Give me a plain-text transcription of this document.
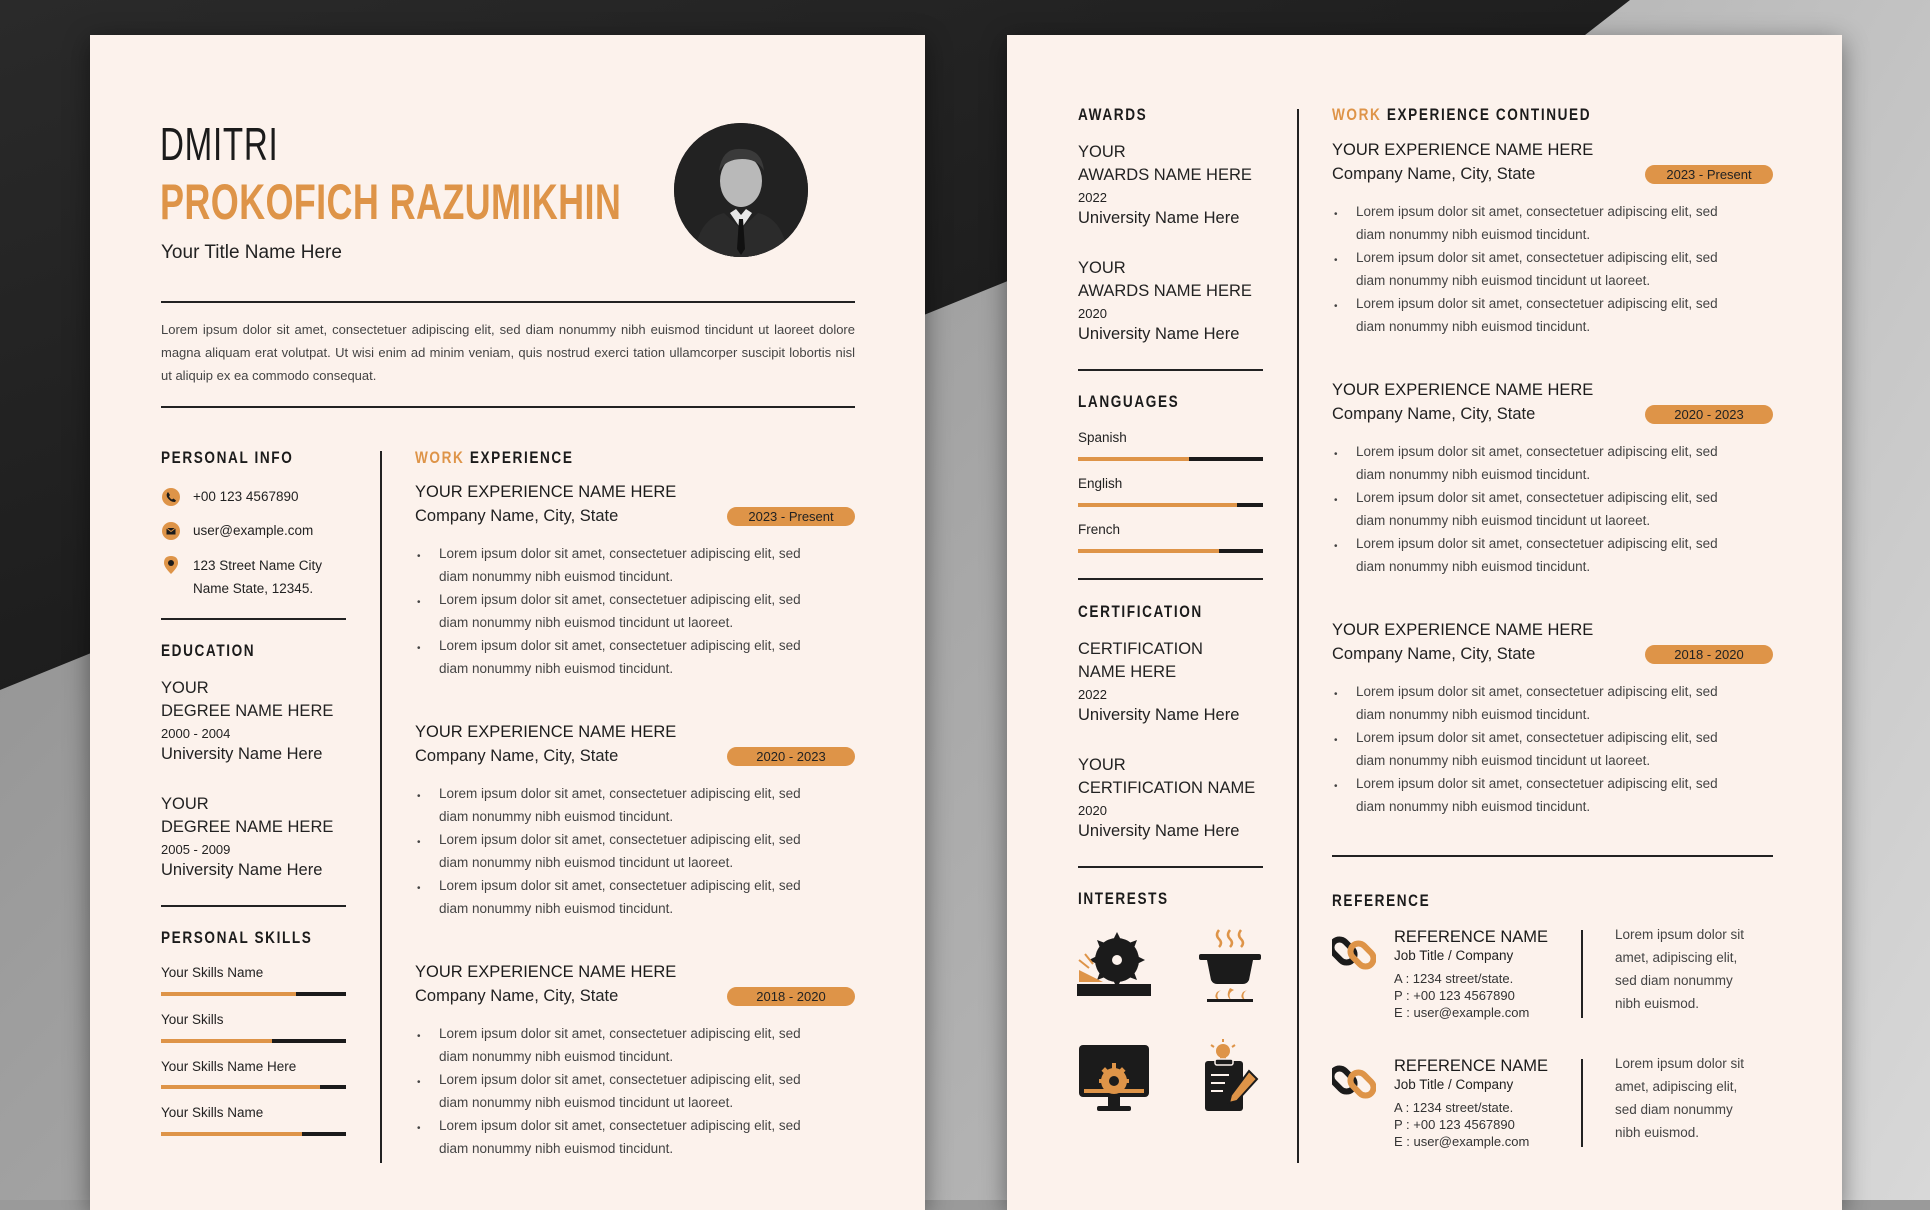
DMITRI
PROKOFICH RAZUMIKHIN
Your Title Name Here
Lorem ipsum dolor sit amet, consectetuer adipiscing elit, sed diam nonummy nibh euismod tincidunt ut laoreet dolore magna aliquam erat volutpat. Ut wisi enim ad minim veniam, quis nostrud exerci tation ullamcorper suscipit lobortis nisl ut aliquip ex ea commodo consequat.
PERSONAL INFO
+00 123 4567890
user@example.com
123 Street Name City
Name State, 12345.
EDUCATION
YOUR
DEGREE NAME HERE
2000 - 2004
University Name Here
YOUR
DEGREE NAME HERE
2005 - 2009
University Name Here
PERSONAL SKILLS
Your Skills Name
Your Skills
Your Skills Name Here
Your Skills Name
WORK EXPERIENCE
YOUR EXPERIENCE NAME HERE
Company Name, City, State	2023 - Present
• Lorem ipsum dolor sit amet, consectetuer adipiscing elit, sed
diam nonummy nibh euismod tincidunt.
• Lorem ipsum dolor sit amet, consectetuer adipiscing elit, sed
diam nonummy nibh euismod tincidunt ut laoreet.
• Lorem ipsum dolor sit amet, consectetuer adipiscing elit, sed
diam nonummy nibh euismod tincidunt.
YOUR EXPERIENCE NAME HERE
Company Name, City, State	2020 - 2023
• Lorem ipsum dolor sit amet, consectetuer adipiscing elit, sed
diam nonummy nibh euismod tincidunt.
• Lorem ipsum dolor sit amet, consectetuer adipiscing elit, sed
diam nonummy nibh euismod tincidunt ut laoreet.
• Lorem ipsum dolor sit amet, consectetuer adipiscing elit, sed
diam nonummy nibh euismod tincidunt.
YOUR EXPERIENCE NAME HERE
Company Name, City, State	2018 - 2020
• Lorem ipsum dolor sit amet, consectetuer adipiscing elit, sed
diam nonummy nibh euismod tincidunt.
• Lorem ipsum dolor sit amet, consectetuer adipiscing elit, sed
diam nonummy nibh euismod tincidunt ut laoreet.
• Lorem ipsum dolor sit amet, consectetuer adipiscing elit, sed
diam nonummy nibh euismod tincidunt.
AWARDS
YOUR
AWARDS NAME HERE
2022
University Name Here
YOUR
AWARDS NAME HERE
2020
University Name Here
LANGUAGES
Spanish
English
French
CERTIFICATION
CERTIFICATION
NAME HERE
2022
University Name Here
YOUR
CERTIFICATION NAME
2020
University Name Here
INTERESTS
WORK EXPERIENCE CONTINUED
YOUR EXPERIENCE NAME HERE
Company Name, City, State	2023 - Present
• Lorem ipsum dolor sit amet, consectetuer adipiscing elit, sed
diam nonummy nibh euismod tincidunt.
• Lorem ipsum dolor sit amet, consectetuer adipiscing elit, sed
diam nonummy nibh euismod tincidunt ut laoreet.
• Lorem ipsum dolor sit amet, consectetuer adipiscing elit, sed
diam nonummy nibh euismod tincidunt.
YOUR EXPERIENCE NAME HERE
Company Name, City, State	2020 - 2023
• Lorem ipsum dolor sit amet, consectetuer adipiscing elit, sed
diam nonummy nibh euismod tincidunt.
• Lorem ipsum dolor sit amet, consectetuer adipiscing elit, sed
diam nonummy nibh euismod tincidunt ut laoreet.
• Lorem ipsum dolor sit amet, consectetuer adipiscing elit, sed
diam nonummy nibh euismod tincidunt.
YOUR EXPERIENCE NAME HERE
Company Name, City, State	2018 - 2020
• Lorem ipsum dolor sit amet, consectetuer adipiscing elit, sed
diam nonummy nibh euismod tincidunt.
• Lorem ipsum dolor sit amet, consectetuer adipiscing elit, sed
diam nonummy nibh euismod tincidunt ut laoreet.
• Lorem ipsum dolor sit amet, consectetuer adipiscing elit, sed
diam nonummy nibh euismod tincidunt.
REFERENCE
REFERENCE NAME
Job Title / Company
A : 1234 street/state.
P : +00 123 4567890
E : user@example.com
Lorem ipsum dolor sit
amet, adipiscing elit,
sed diam nonummy
nibh euismod.
REFERENCE NAME
Job Title / Company
A : 1234 street/state.
P : +00 123 4567890
E : user@example.com
Lorem ipsum dolor sit
amet, adipiscing elit,
sed diam nonummy
nibh euismod.
